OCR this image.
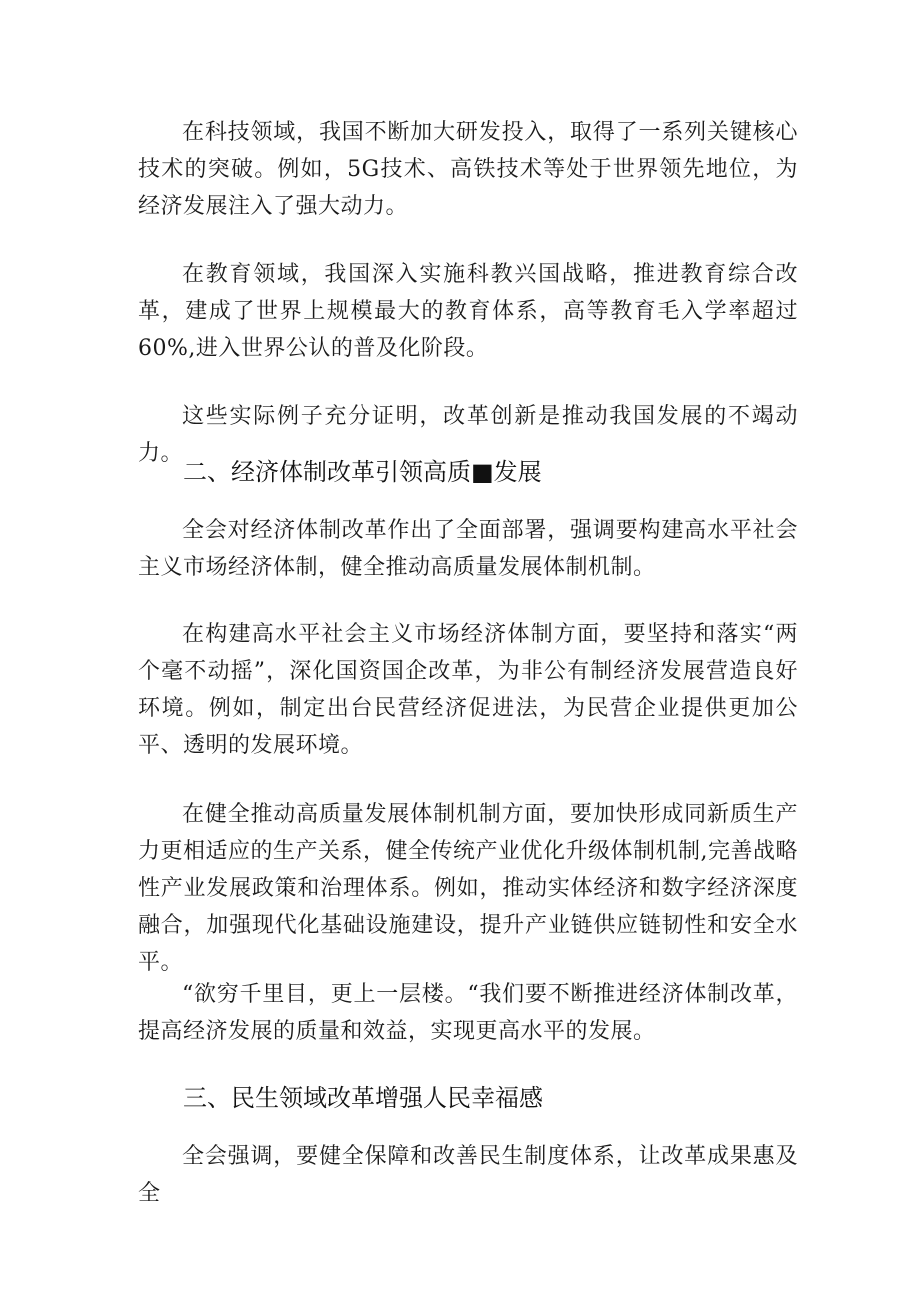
在科技领域，我国不断加大研发投入，取得了一系列关键核心技术的突破。例如，5G技术、高铁技术等处于世界领先地位，为经济发展注入了强大动力。

在教育领域，我国深入实施科教兴国战略，推进教育综合改革，建成了世界上规模最大的教育体系，高等教育毛入学率超过60%,进入世界公认的普及化阶段。

这些实际例子充分证明，改革创新是推动我国发展的不竭动力。

二、经济体制改革引领高质■发展

全会对经济体制改革作出了全面部署，强调要构建高水平社会主义市场经济体制，健全推动高质量发展体制机制。

在构建高水平社会主义市场经济体制方面，要坚持和落实“两个毫不动摇”，深化国资国企改革，为非公有制经济发展营造良好环境。例如，制定出台民营经济促进法，为民营企业提供更加公平、透明的发展环境。

在健全推动高质量发展体制机制方面，要加快形成同新质生产力更相适应的生产关系，健全传统产业优化升级体制机制,完善战略性产业发展政策和治理体系。例如，推动实体经济和数字经济深度融合，加强现代化基础设施建设，提升产业链供应链韧性和安全水平。

“欲穷千里目，更上一层楼。“我们要不断推进经济体制改革，提高经济发展的质量和效益，实现更高水平的发展。

三、民生领域改革增强人民幸福感

全会强调，要健全保障和改善民生制度体系，让改革成果惠及全
